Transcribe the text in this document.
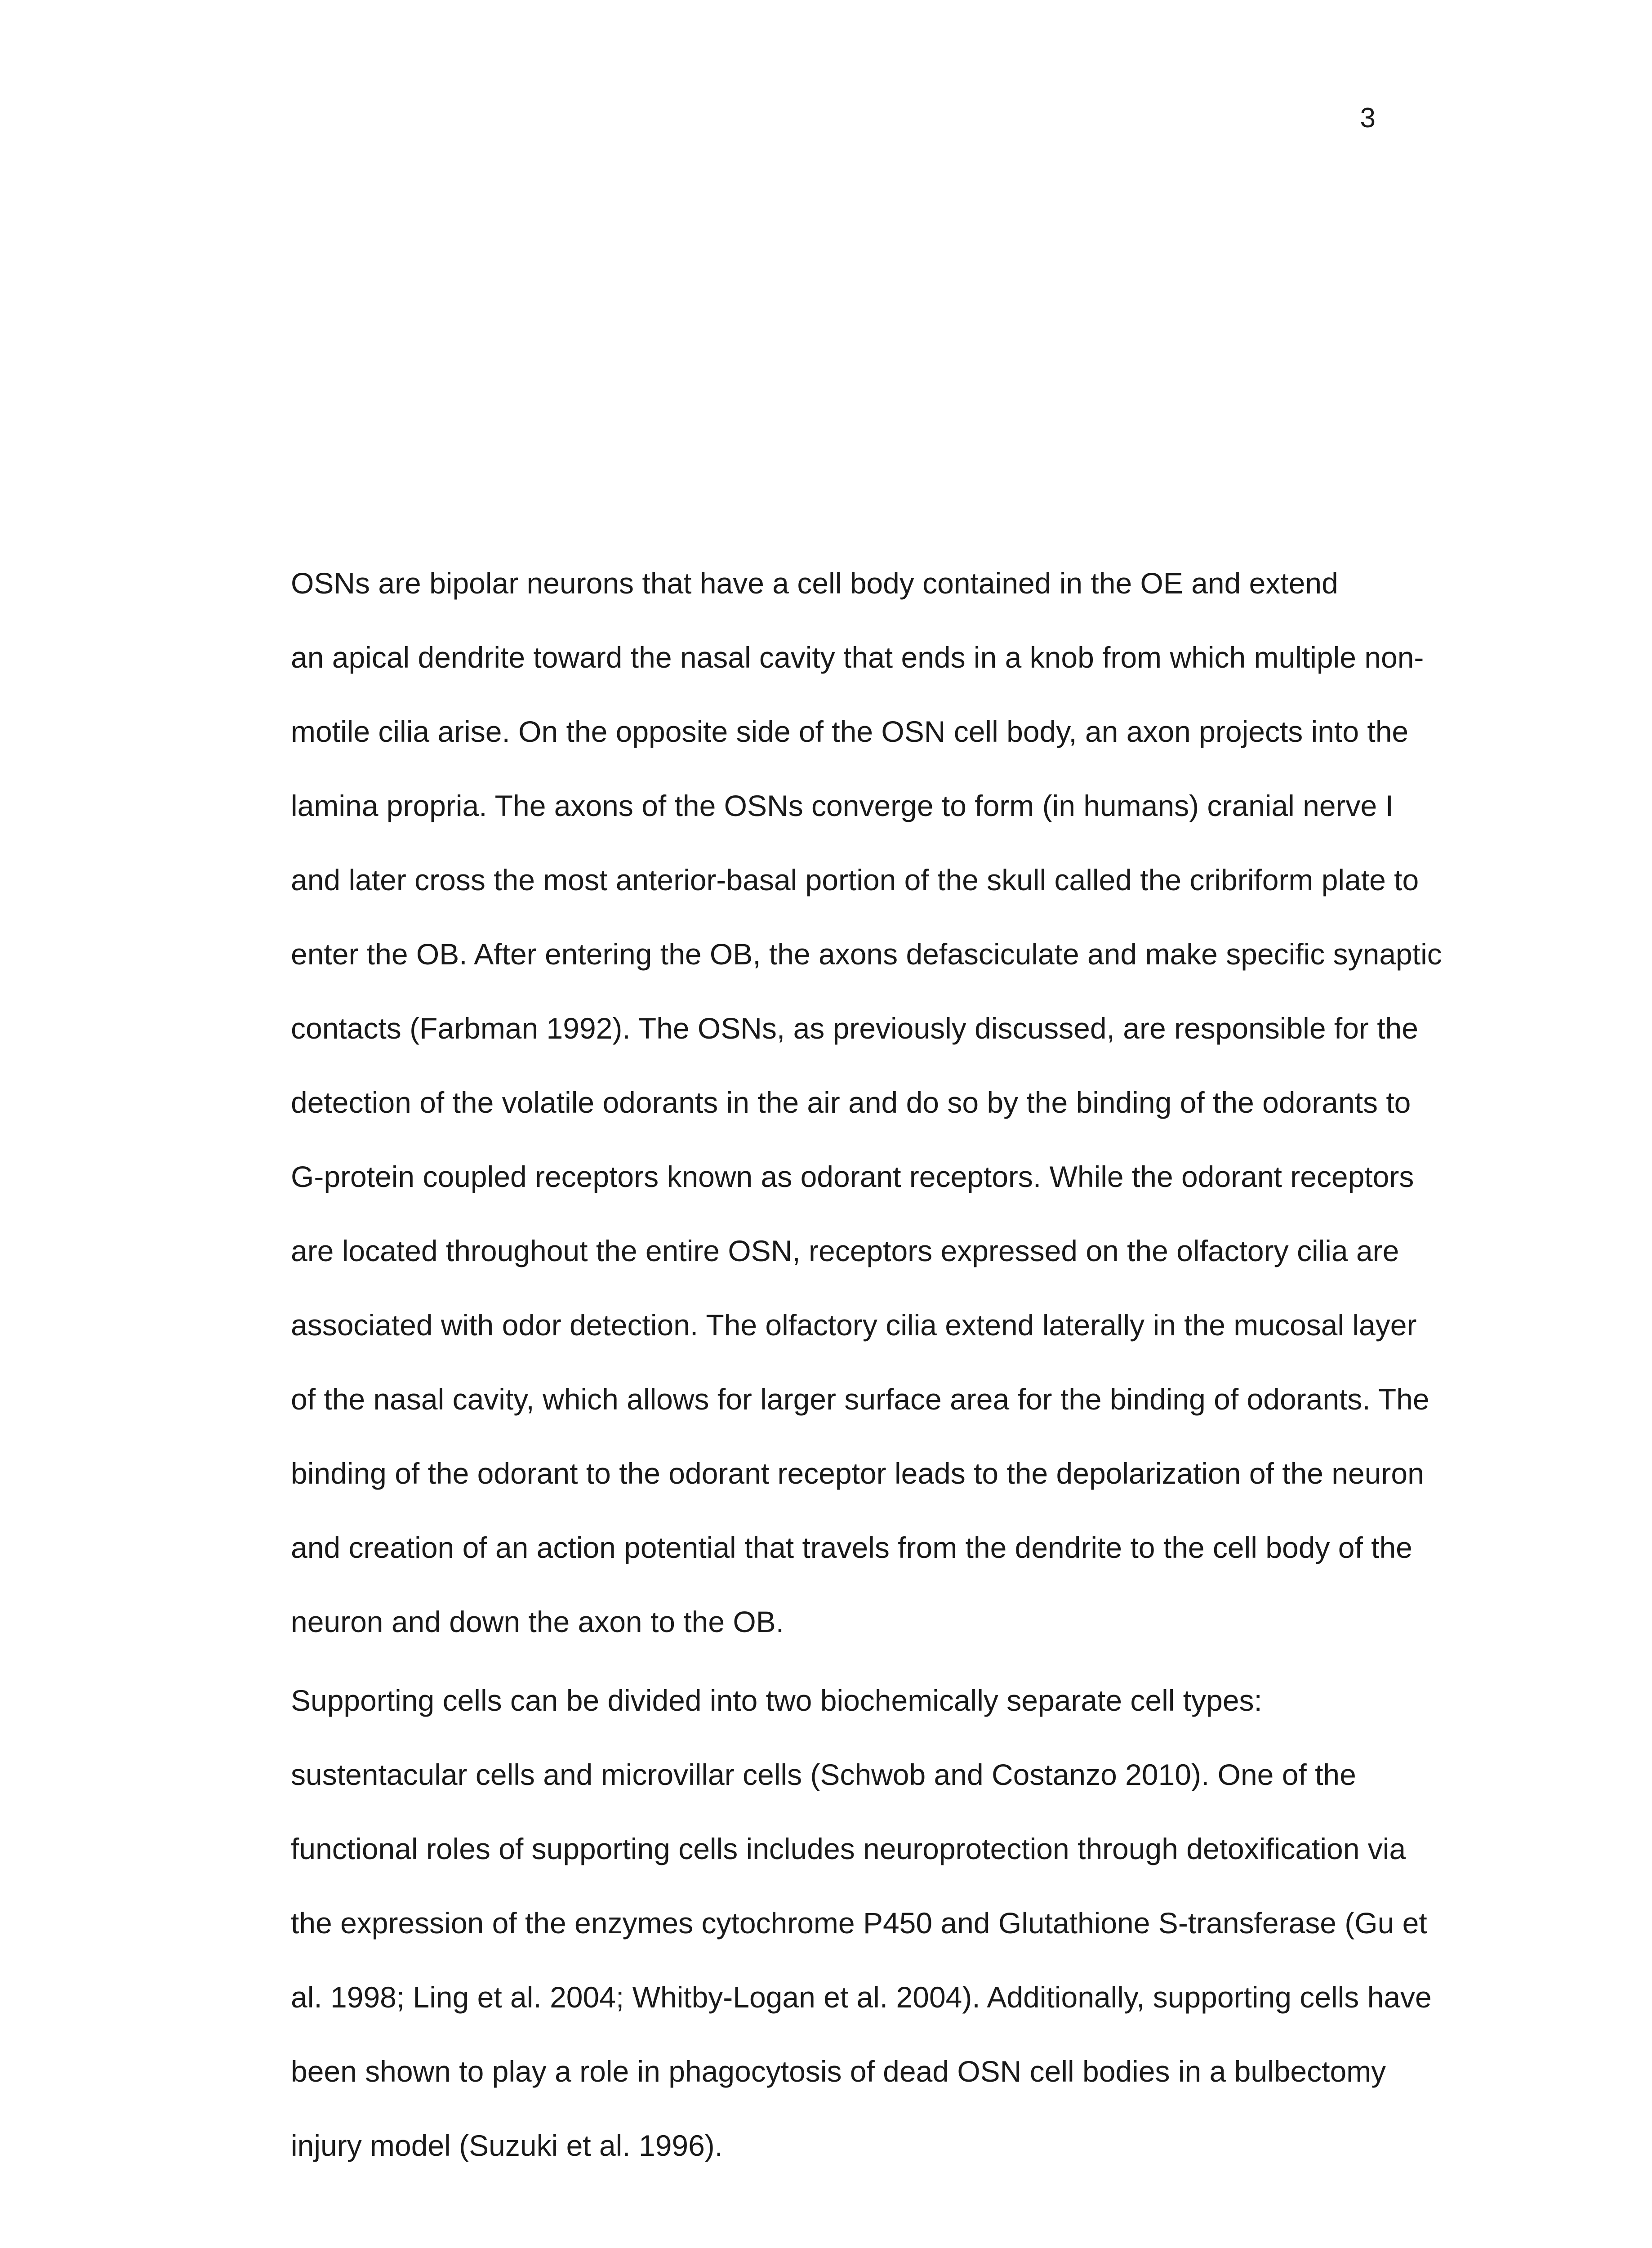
3

OSNs are bipolar neurons that have a cell body contained in the OE and extend
an apical dendrite toward the nasal cavity that ends in a knob from which multiple non-
motile cilia arise. On the opposite side of the OSN cell body, an axon projects into the
lamina propria. The axons of the OSNs converge to form (in humans) cranial nerve I
and later cross the most anterior-basal portion of the skull called the cribriform plate to
enter the OB. After entering the OB, the axons defasciculate and make specific synaptic
contacts (Farbman 1992). The OSNs, as previously discussed, are responsible for the
detection of the volatile odorants in the air and do so by the binding of the odorants to
G-protein coupled receptors known as odorant receptors. While the odorant receptors
are located throughout the entire OSN, receptors expressed on the olfactory cilia are
associated with odor detection. The olfactory cilia extend laterally in the mucosal layer
of the nasal cavity, which allows for larger surface area for the binding of odorants. The
binding of the odorant to the odorant receptor leads to the depolarization of the neuron
and creation of an action potential that travels from the dendrite to the cell body of the
neuron and down the axon to the OB.

Supporting cells can be divided into two biochemically separate cell types:
sustentacular cells and microvillar cells (Schwob and Costanzo 2010). One of the
functional roles of supporting cells includes neuroprotection through detoxification via
the expression of the enzymes cytochrome P450 and Glutathione S-transferase (Gu et
al. 1998; Ling et al. 2004; Whitby-Logan et al. 2004). Additionally, supporting cells have
been shown to play a role in phagocytosis of dead OSN cell bodies in a bulbectomy
injury model (Suzuki et al. 1996).
